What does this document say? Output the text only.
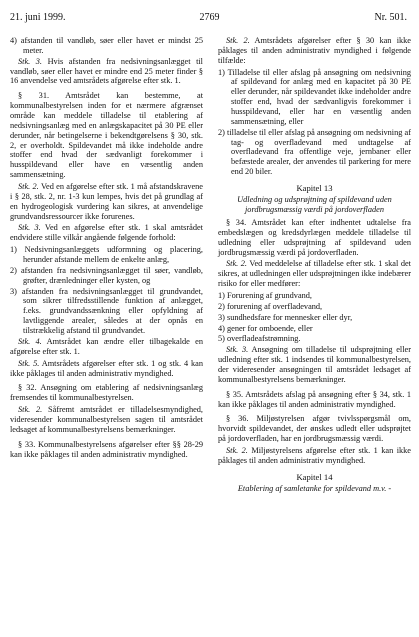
21. juni 1999.	2769	Nr. 501.
4) afstanden til vandløb, søer eller havet er mindst 25 meter.

Stk. 3. Hvis afstanden fra nedsivningsanlægget til vandløb, søer eller havet er mindre end 25 meter finder § 16 anvendelse ved amtsrådets afgørelse efter stk. 1.

§ 31. Amtsrådet kan bestemme, at kommunalbestyrelsen inden for et nærmere afgrænset område kan meddele tilladelse til etablering af nedsivningsanlæg med en anlægskapacitet på 30 PE eller derunder, når betingelserne i bekendtgørelsens § 30, stk. 2, er overholdt. Spildevandet må ikke indeholde andre stoffer end hvad der sædvanligt forekommer i husspildevand eller have en væsentlig anden sammensætning.

Stk. 2. Ved en afgørelse efter stk. 1 må afstandskravene i § 28, stk. 2, nr. 1-3 kun lempes, hvis det på grundlag af en hydrogeologisk vurdering kan sikres, at anvendelige grundvandsressourcer ikke forurenes.

Stk. 3. Ved en afgørelse efter stk. 1 skal amtsrådet endvidere stille vilkår angående følgende forhold:

1) Nedsivningsanlæggets udformning og placering, herunder afstande mellem de enkelte anlæg,
2) afstanden fra nedsivningsanlægget til søer, vandløb, grøfter, drænledninger eller kysten, og
3) afstanden fra nedsivningsanlægget til grundvandet, som sikrer tilfredsstillende funktion af anlægget, f.eks. grundvandssænkning eller opfyldning af lavtliggende arealer, således at der opnås en tilstrækkelig afstand til grundvandet.

Stk. 4. Amtsrådet kan ændre eller tilbagekalde en afgørelse efter stk. 1.

Stk. 5. Amtsrådets afgørelser efter stk. 1 og stk. 4 kan ikke påklages til anden administrativ myndighed.

§ 32. Ansøgning om etablering af nedsivningsanlæg fremsendes til kommunalbestyrelsen.

Stk. 2. Såfremt amtsrådet er tilladelsesmyndighed, videresender kommunalbestyrelsen sagen til amtsrådet ledsaget af kommunalbestyrelsens bemærkninger.

§ 33. Kommunalbestyrelsens afgørelser efter §§ 28-29 kan ikke påklages til anden administrativ myndighed.

Stk. 2. Amtsrådets afgørelser efter § 30 kan ikke påklages til anden administrativ myndighed i følgende tilfælde:

1) Tilladelse til eller afslag på ansøgning om nedsivning af spildevand for anlæg med en kapacitet på 30 PE eller derunder, når spildevandet ikke indeholder andre stoffer end, hvad der sædvanligvis forekommer i husspildevand, eller har en væsentlig anden sammensætning, eller
2) tilladelse til eller afslag på ansøgning om nedsivning af tag- og overfladevand med undtagelse af overfladevand fra offentlige veje, jernbaner eller befæstede arealer, der anvendes til parkering for mere end 20 biler.
Kapitel 13
Udledning og udsprøjtning af spildevand uden jordbrugsmæssig værdi på jordoverfladen

§ 34. Amtsrådet kan efter indhentet udtalelse fra embedslægen og kredsdyrlægen meddele tilladelse til udledning eller udsprøjtning af spildevand uden jordbrugsmæssig værdi på jordoverfladen.

Stk. 2. Ved meddelelse af tilladelse efter stk. 1 skal det sikres, at udledningen eller udsprøjtningen ikke indebærer risiko for eller medfører:

1) Forurening af grundvand,
2) forurening af overfladevand,
3) sundhedsfare for mennesker eller dyr,
4) gener for omboende, eller
5) overfladeafstrømning.

Stk. 3. Ansøgning om tilladelse til udsprøjtning eller udledning efter stk. 1 indsendes til kommunalbestyrelsen, der videresender ansøgningen til amtsrådet ledsaget af kommunalbestyrelsens bemærkninger.

§ 35. Amtsrådets afslag på ansøgning efter § 34, stk. 1 kan ikke påklages til anden administrativ myndighed.

§ 36. Miljøstyrelsen afgør tvivlsspørgsmål om, hvorvidt spildevandet, der ønskes udledt eller udsprøjtet på jordoverfladen, har en jordbrugsmæssig værdi.

Stk. 2. Miljøstyrelsens afgørelse efter stk. 1 kan ikke påklages til anden administrativ myndighed.

Kapitel 14
Etablering af samletanke for spildevand m.v. -
